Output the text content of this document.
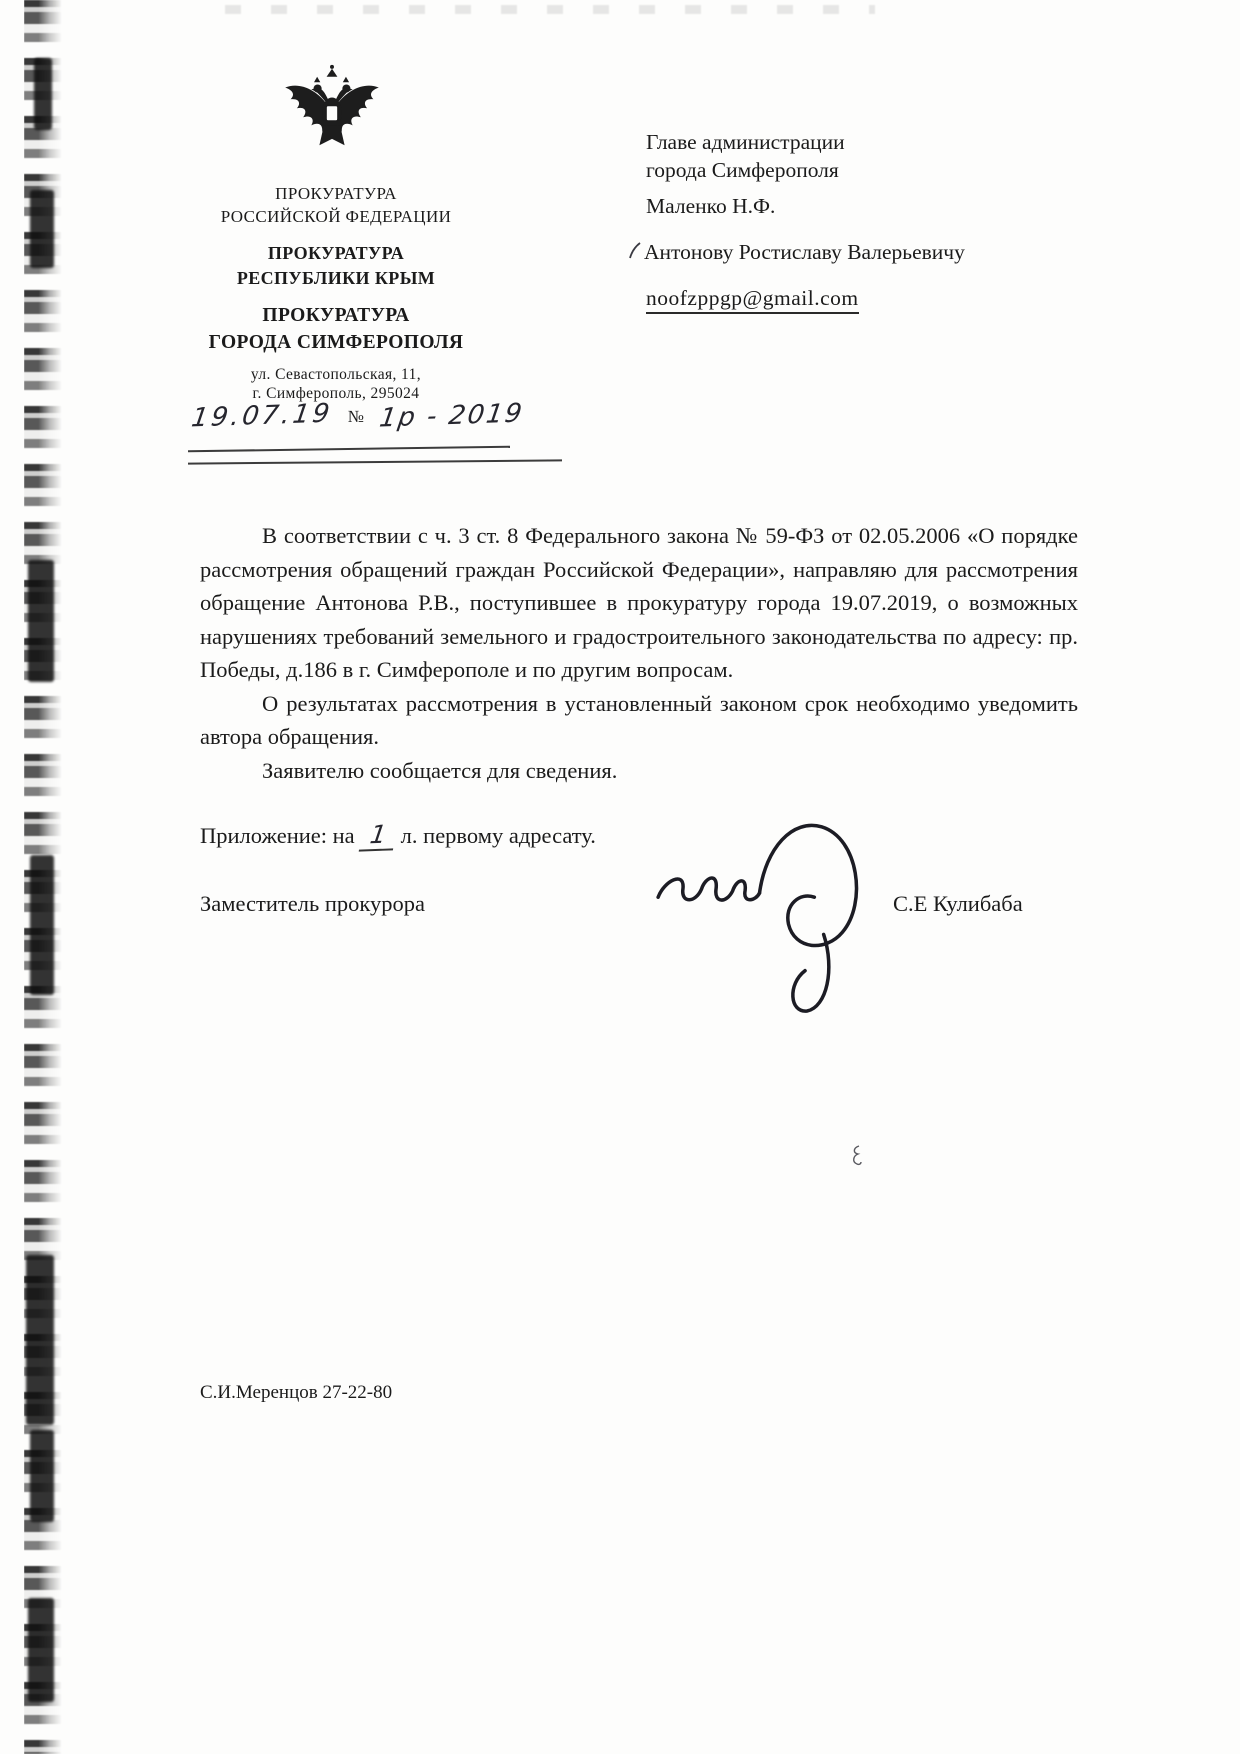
ПРОКУРАТУРА
РОССИЙСКОЙ ФЕДЕРАЦИИ
ПРОКУРАТУРА
РЕСПУБЛИКИ КРЫМ
ПРОКУРАТУРА
ГОРОДА СИМФЕРОПОЛЯ
ул. Севастопольская, 11,
г. Симферополь, 295024
19.07.19 № 1р - 2019
Главе администрации
города Симферополя
Маленко Н.Ф.
Антонову Ростиславу Валерьевичу
noofzppgp@gmail.com

В соответствии с ч. 3 ст. 8 Федерального закона № 59-ФЗ от 02.05.2006 «О порядке рассмотрения обращений граждан Российской Федерации», направляю для рассмотрения обращение Антонова Р.В., поступившее в прокуратуру города 19.07.2019, о возможных нарушениях требований земельного и градостроительного законодательства по адресу: пр. Победы, д.186 в г. Симферополе и по другим вопросам.

О результатах рассмотрения в установленный законом срок необходимо уведомить автора обращения.

Заявителю сообщается для сведения.

Приложение: на 1 л. первому адресату.
Заместитель прокурора	С.Е Кулибаба
С.И.Меренцов 27-22-80
